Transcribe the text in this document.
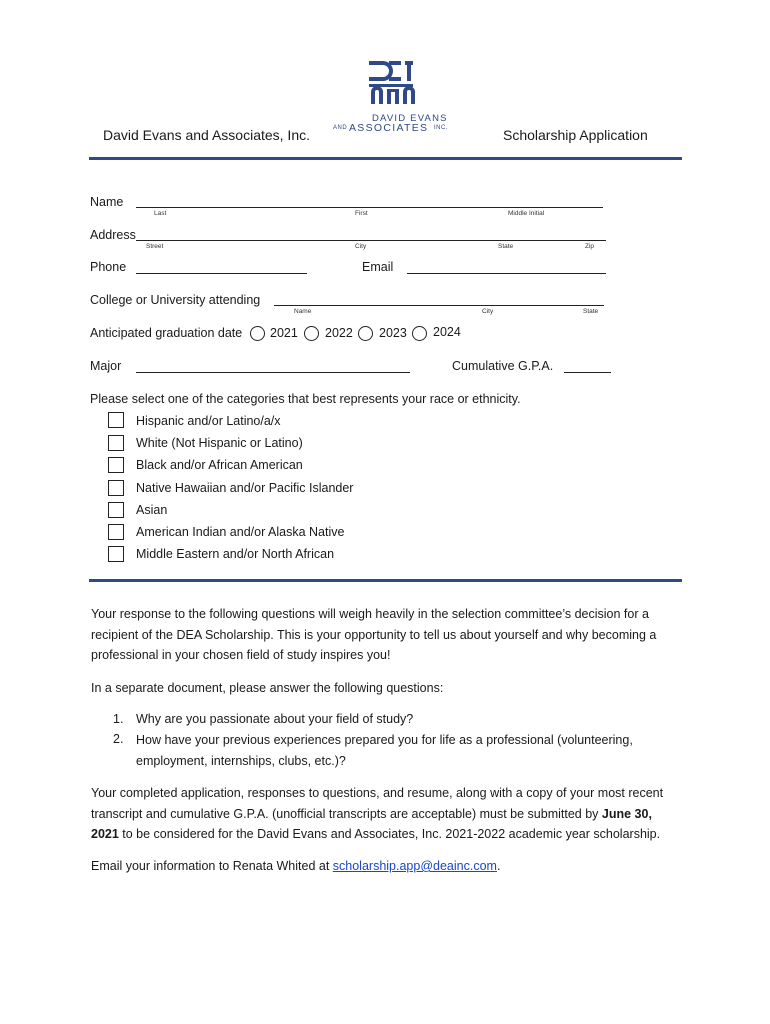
DAVID EVANS
AND ASSOCIATES INC.
David Evans and Associates, Inc.	Scholarship Application
Name
Last	First	Middle Initial
Address
Street	City	State	Zip
Phone	Email
College or University attending
Name	City	State
Anticipated graduation date 2021 2022 2023 2024
Major	Cumulative G.P.A.
Please select one of the categories that best represents your race or ethnicity.
Hispanic and/or Latino/a/x
White (Not Hispanic or Latino)
Black and/or African American
Native Hawaiian and/or Pacific Islander
Asian
American Indian and/or Alaska Native
Middle Eastern and/or North African

Your response to the following questions will weigh heavily in the selection committee’s decision for a recipient of the DEA Scholarship. This is your opportunity to tell us about yourself and why becoming a professional in your chosen field of study inspires you!

In a separate document, please answer the following questions:

1. Why are you passionate about your field of study?
2. How have your previous experiences prepared you for life as a professional (volunteering, employment, internships, clubs, etc.)?

Your completed application, responses to questions, and resume, along with a copy of your most recent transcript and cumulative G.P.A. (unofficial transcripts are acceptable) must be submitted by June 30, 2021 to be considered for the David Evans and Associates, Inc. 2021-2022 academic year scholarship.

Email your information to Renata Whited at scholarship.app@deainc.com.
